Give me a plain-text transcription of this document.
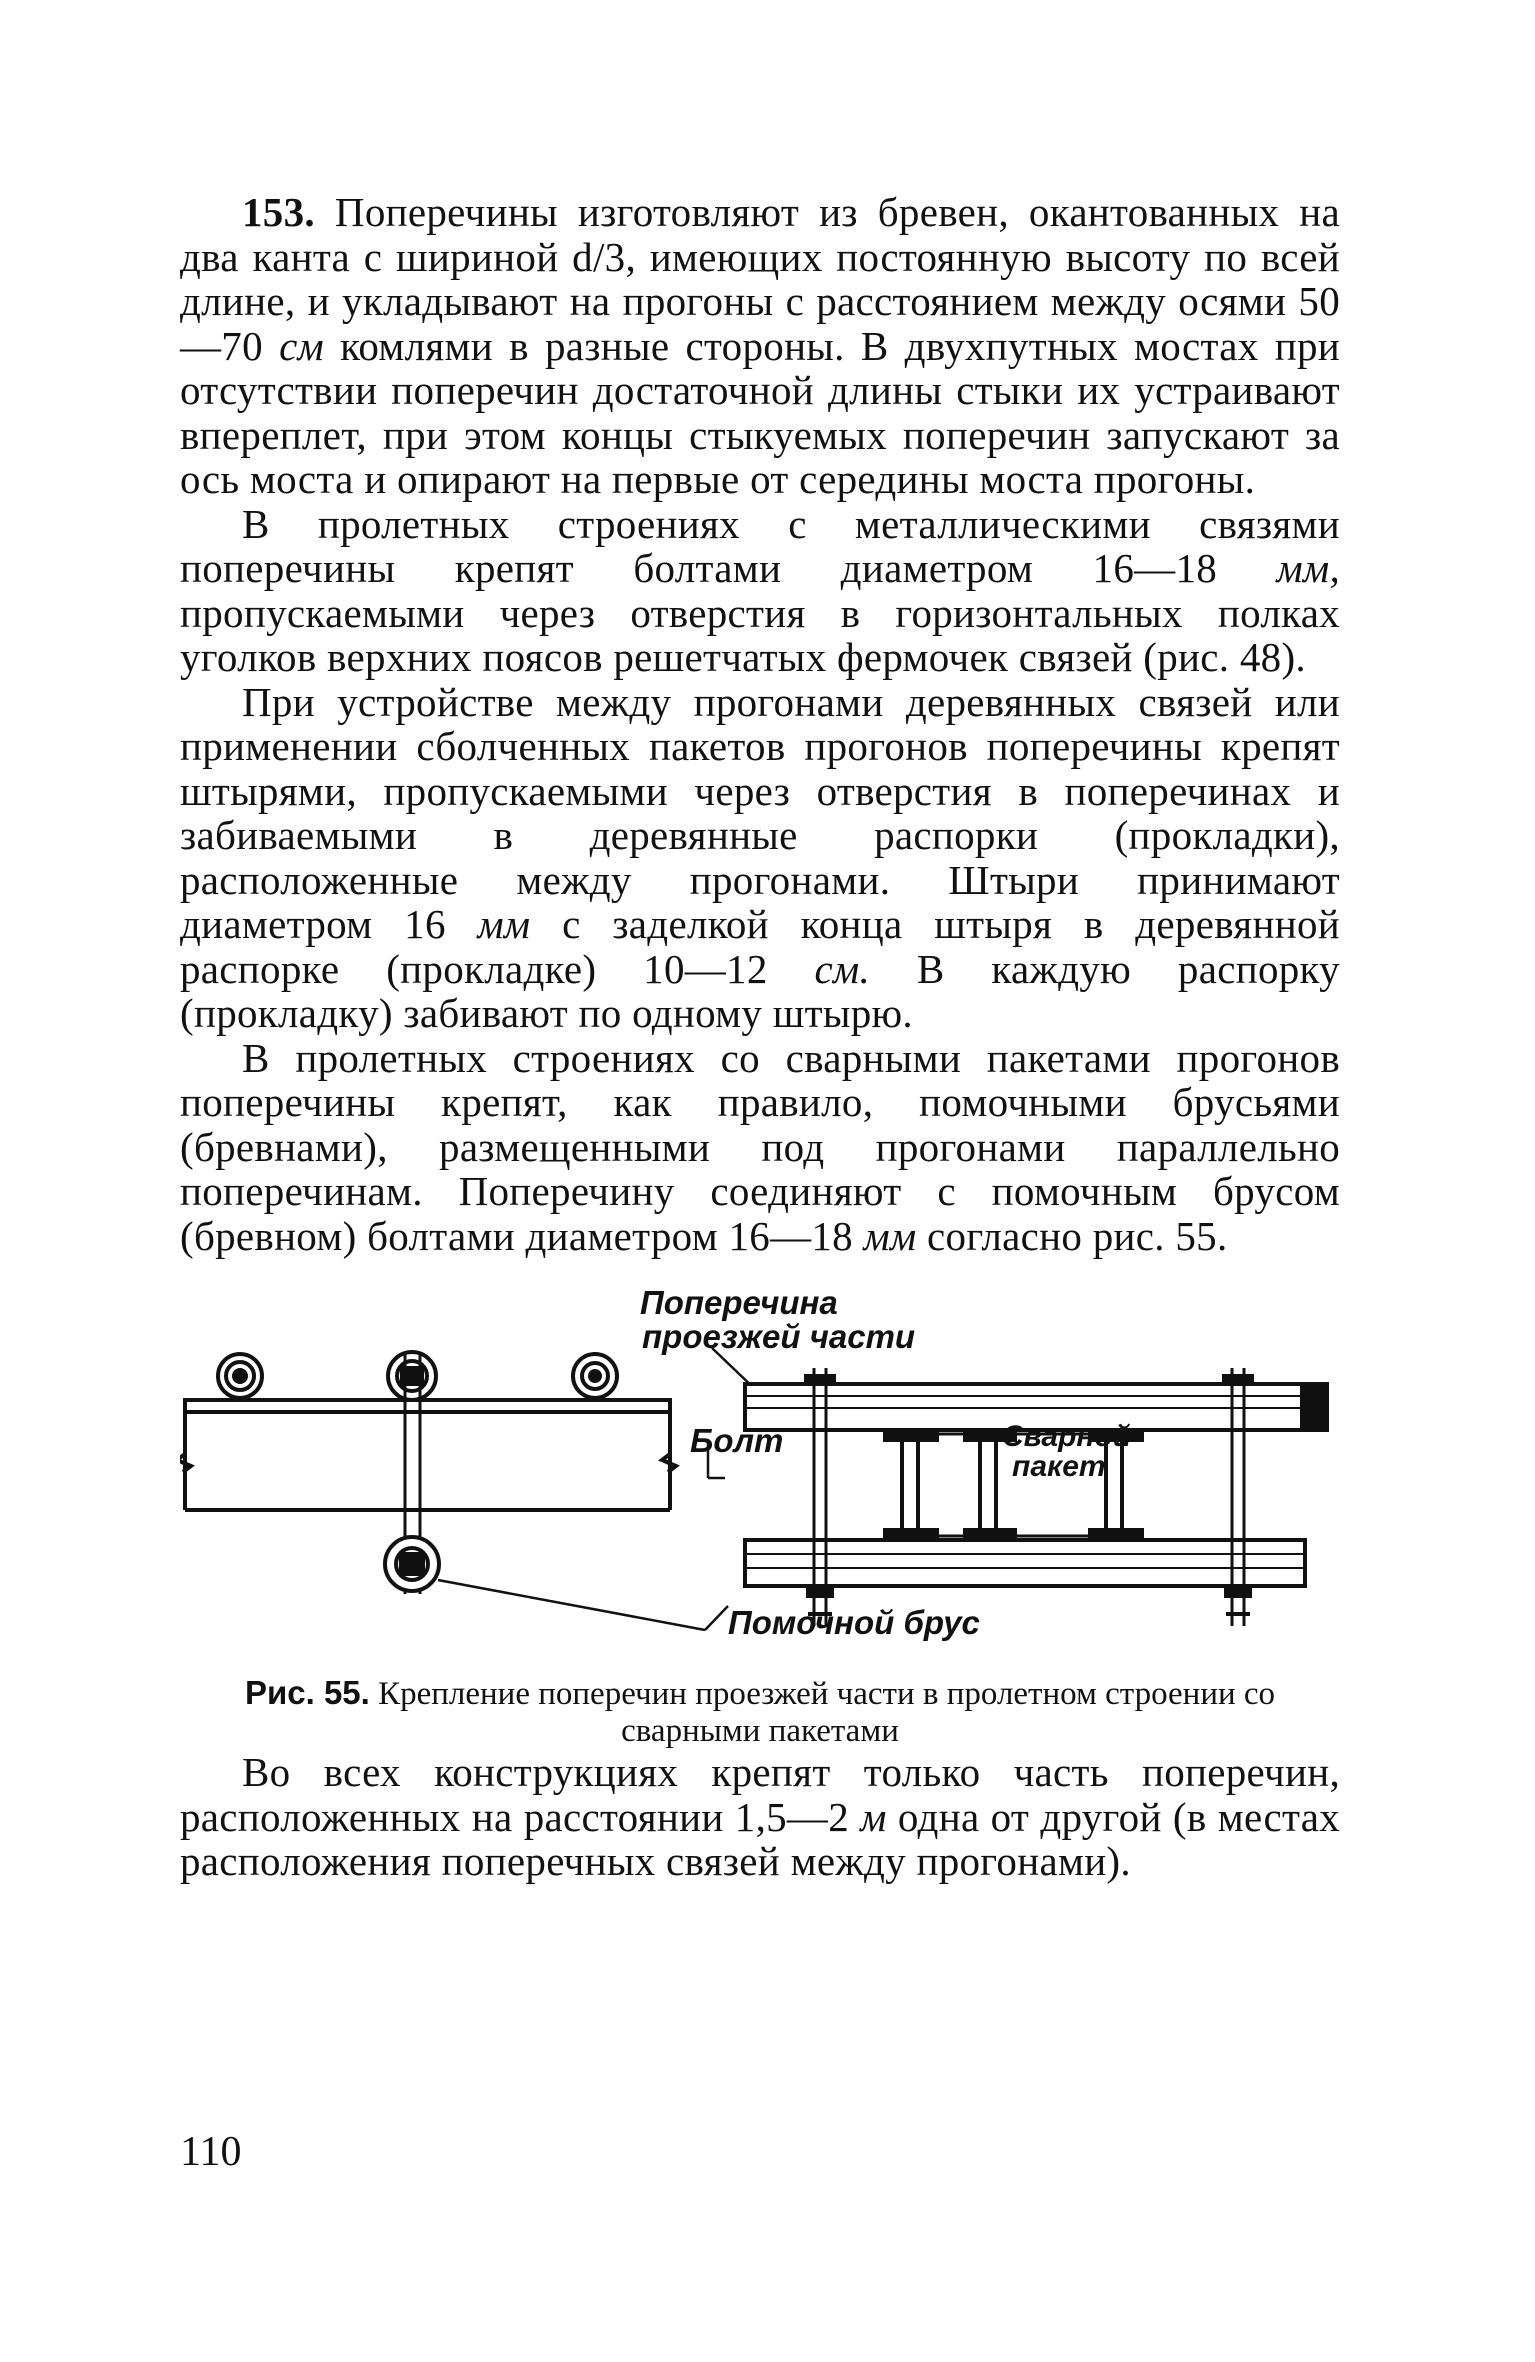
153. Поперечины изготовляют из бревен, окантованных на два канта с шириной d/3, имеющих постоянную высоту по всей длине, и укладывают на прогоны с расстоянием между осями 50—70 см комлями в разные стороны. В двухпутных мостах при отсутствии поперечин достаточной длины стыки их устраивают вперeплет, при этом концы стыкуемых поперечин запускают за ось моста и опирают на первые от середины моста прогоны.

В пролетных строениях с металлическими связями поперечины крепят болтами диаметром 16—18 мм, пропускаемыми через отверстия в горизонтальных полках уголков верхних поясов решетчатых фермочек связей (рис. 48).

При устройстве между прогонами деревянных связей или применении сболченных пакетов прогонов поперечины крепят штырями, пропускаемыми через отверстия в поперечинах и забиваемыми в деревянные распорки (прокладки), расположенные между прогонами. Штыри принимают диаметром 16 мм с заделкой конца штыря в деревянной распорке (прокладке) 10—12 см. В каждую распорку (прокладку) забивают по одному штырю.

В пролетных строениях со сварными пакетами прогонов поперечины крепят, как правило, помочными брусьями (бревнами), размещенными под прогонами параллельно поперечинам. Поперечину соединяют с помочным брусом (бревном) болтами диаметром 16—18 мм согласно рис. 55.

Поперечина
проезжей части
Болт	Сварной
пакет
Помочной брус
Рис. 55. Крепление поперечин проезжей части в пролетном строении со сварными пакетами

Во всех конструкциях крепят только часть поперечин, расположенных на расстоянии 1,5—2 м одна от другой (в местах расположения поперечных связей между прогонами).

110
